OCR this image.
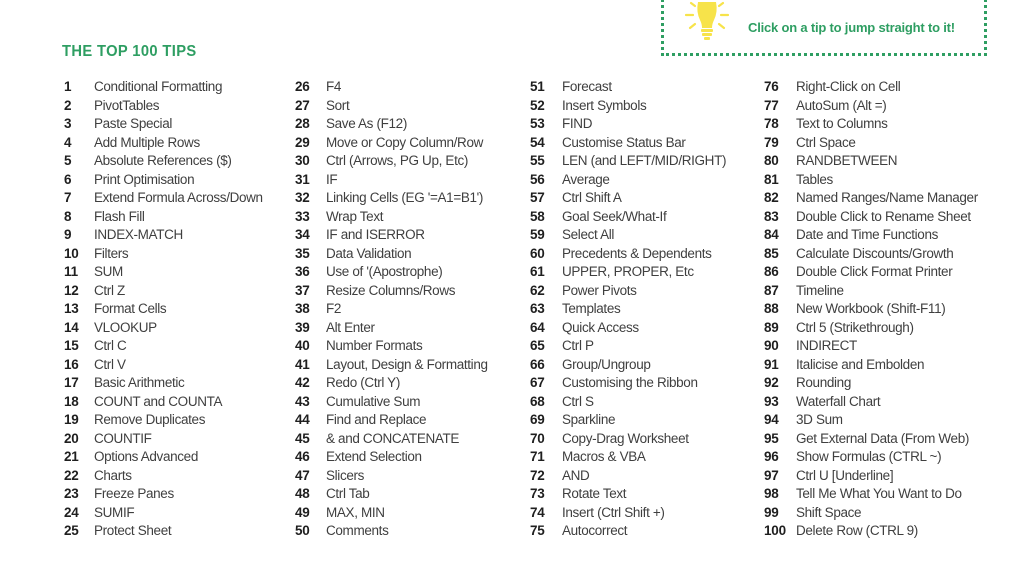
Click on a tip to jump straight to it!
THE TOP 100 TIPS
1 Conditional Formatting
2 PivotTables
3 Paste Special
4 Add Multiple Rows
5 Absolute References ($)
6 Print Optimisation
7 Extend Formula Across/Down
8 Flash Fill
9 INDEX-MATCH
10 Filters
11 SUM
12 Ctrl Z
13 Format Cells
14 VLOOKUP
15 Ctrl C
16 Ctrl V
17 Basic Arithmetic
18 COUNT and COUNTA
19 Remove Duplicates
20 COUNTIF
21 Options Advanced
22 Charts
23 Freeze Panes
24 SUMIF
25 Protect Sheet
26 F4
27 Sort
28 Save As (F12)
29 Move or Copy Column/Row
30 Ctrl (Arrows, PG Up, Etc)
31 IF
32 Linking Cells (EG '=A1=B1')
33 Wrap Text
34 IF and ISERROR
35 Data Validation
36 Use of '(Apostrophe)
37 Resize Columns/Rows
38 F2
39 Alt Enter
40 Number Formats
41 Layout, Design & Formatting
42 Redo (Ctrl Y)
43 Cumulative Sum
44 Find and Replace
45 & and CONCATENATE
46 Extend Selection
47 Slicers
48 Ctrl Tab
49 MAX, MIN
50 Comments
51 Forecast
52 Insert Symbols
53 FIND
54 Customise Status Bar
55 LEN (and LEFT/MID/RIGHT)
56 Average
57 Ctrl Shift A
58 Goal Seek/What-If
59 Select All
60 Precedents & Dependents
61 UPPER, PROPER, Etc
62 Power Pivots
63 Templates
64 Quick Access
65 Ctrl P
66 Group/Ungroup
67 Customising the Ribbon
68 Ctrl S
69 Sparkline
70 Copy-Drag Worksheet
71 Macros & VBA
72 AND
73 Rotate Text
74 Insert (Ctrl Shift +)
75 Autocorrect
76 Right-Click on Cell
77 AutoSum (Alt =)
78 Text to Columns
79 Ctrl Space
80 RANDBETWEEN
81 Tables
82 Named Ranges/Name Manager
83 Double Click to Rename Sheet
84 Date and Time Functions
85 Calculate Discounts/Growth
86 Double Click Format Printer
87 Timeline
88 New Workbook (Shift-F11)
89 Ctrl 5 (Strikethrough)
90 INDIRECT
91 Italicise and Embolden
92 Rounding
93 Waterfall Chart
94 3D Sum
95 Get External Data (From Web)
96 Show Formulas (CTRL ~)
97 Ctrl U [Underline]
98 Tell Me What You Want to Do
99 Shift Space
100 Delete Row (CTRL 9)
